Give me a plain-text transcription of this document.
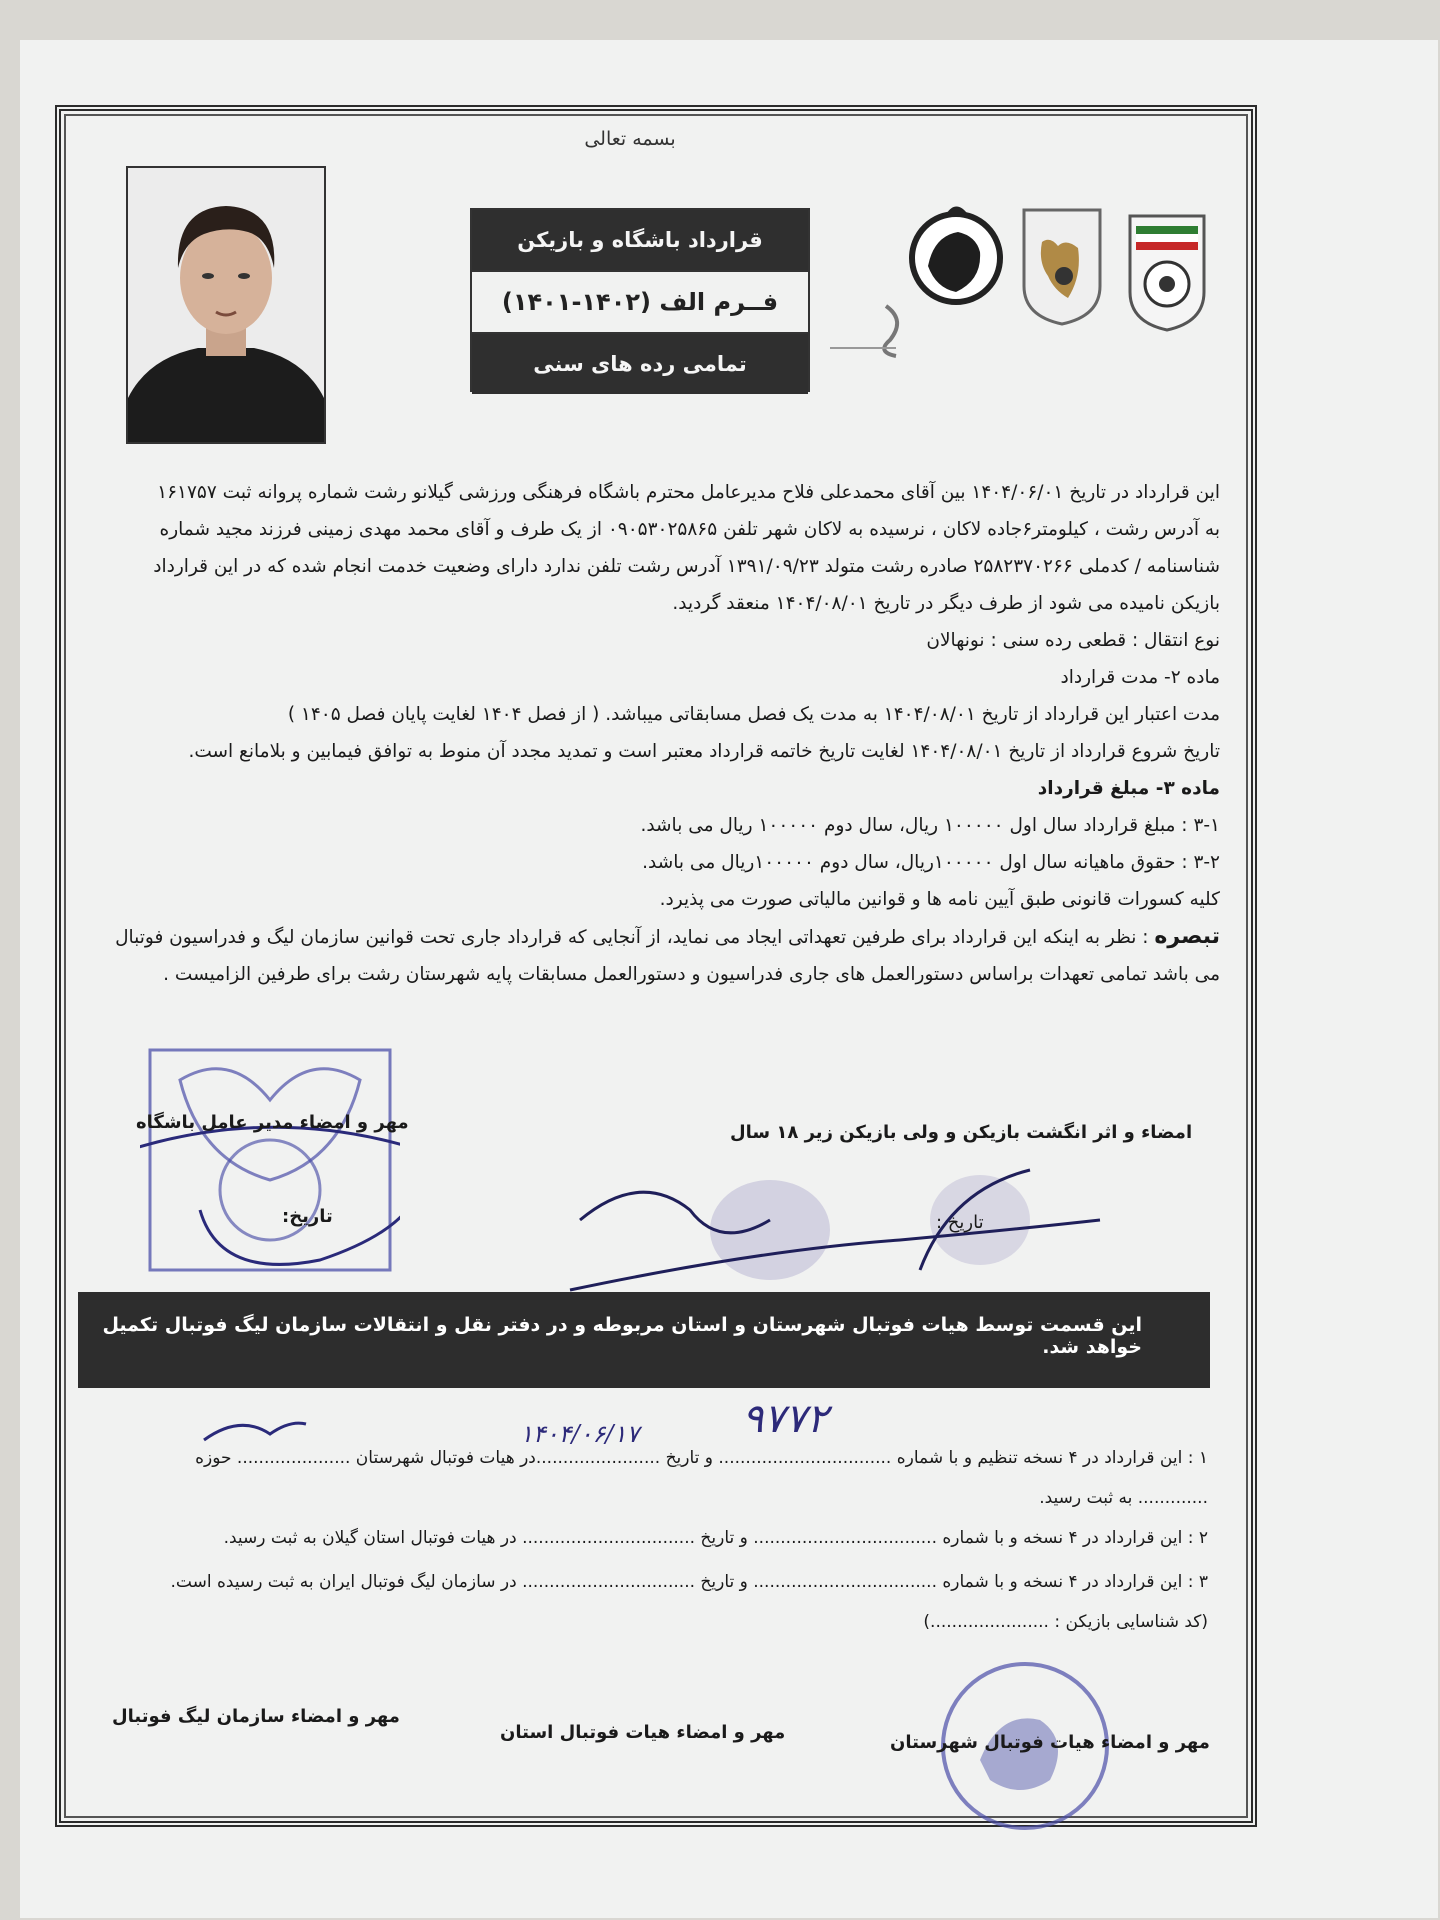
بسمه تعالی
قرارداد باشگاه و بازیکن
فــرم الف (۱۴۰۲-۱۴۰۱)
تمامی رده های سنی
این قرارداد در تاریخ ۱۴۰۴/۰۶/۰۱ بین آقای محمدعلی فلاح مدیرعامل محترم باشگاه فرهنگی ورزشی گیلانو رشت شماره پروانه ثبت ۱۶۱۷۵۷
به آدرس رشت ، کیلومتر۶جاده لاکان ، نرسیده به لاکان شهر تلفن ۰۹۰۵۳۰۲۵۸۶۵ از یک طرف و آقای محمد مهدی زمینی فرزند مجید شماره
شناسنامه / کدملی ۲۵۸۲۳۷۰۲۶۶ صادره رشت متولد ۱۳۹۱/۰۹/۲۳ آدرس رشت تلفن ندارد دارای وضعیت خدمت انجام شده که در این قرارداد
بازیکن نامیده می شود از طرف دیگر در تاریخ ۱۴۰۴/۰۸/۰۱ منعقد گردید.
نوع انتقال : قطعی رده سنی : نونهالان
ماده ۲- مدت قرارداد
مدت اعتبار این قرارداد از تاریخ ۱۴۰۴/۰۸/۰۱ به مدت یک فصل مسابقاتی میباشد. ( از فصل ۱۴۰۴ لغایت پایان فصل ۱۴۰۵ )
تاریخ شروع قرارداد از تاریخ ۱۴۰۴/۰۸/۰۱ لغایت تاریخ خاتمه قرارداد معتبر است و تمدید مجدد آن منوط به توافق فیمابین و بلامانع است.
ماده ۳- مبلغ قرارداد
۳-۱ : مبلغ قرارداد سال اول ۱۰۰۰۰۰ ریال، سال دوم ۱۰۰۰۰۰ ریال می باشد.
۳-۲ : حقوق ماهیانه سال اول ۱۰۰۰۰۰ریال، سال دوم ۱۰۰۰۰۰ریال می باشد.
کلیه کسورات قانونی طبق آیین نامه ها و قوانین مالیاتی صورت می پذیرد.
تبصره : نظر به اینکه این قرارداد برای طرفین تعهداتی ایجاد می نماید، از آنجایی که قرارداد جاری تحت قوانین سازمان لیگ و فدراسیون فوتبال
می باشد تمامی تعهدات براساس دستورالعمل های جاری فدراسیون و دستورالعمل مسابقات پایه شهرستان رشت برای طرفین الزامیست .
مهر و امضاء مدیر عامل باشگاه
تاریخ:
امضاء و اثر انگشت بازیکن و ولی بازیکن زیر ۱۸ سال
تاریخ :
این قسمت توسط هیات فوتبال شهرستان و استان مربوطه و در دفتر نقل و انتقالات سازمان لیگ فوتبال تکمیل خواهد شد.
۱ : این قرارداد در ۴ نسخه تنظیم و با شماره ................................ و تاریخ .......................در هیات فوتبال شهرستان ..................... حوزه
............. به ثبت رسید.
۲ : این قرارداد در ۴ نسخه و با شماره .................................. و تاریخ ................................ در هیات فوتبال استان گیلان به ثبت رسید.
۳ : این قرارداد در ۴ نسخه و با شماره .................................. و تاریخ ................................ در سازمان لیگ فوتبال ایران به ثبت رسیده است.
(کد شناسایی بازیکن : ......................)
۹۷۷۲
۱۴۰۴/۰۶/۱۷
مهر و امضاء هیات فوتبال شهرستان
مهر و امضاء هیات فوتبال استان
مهر و امضاء سازمان لیگ فوتبال
